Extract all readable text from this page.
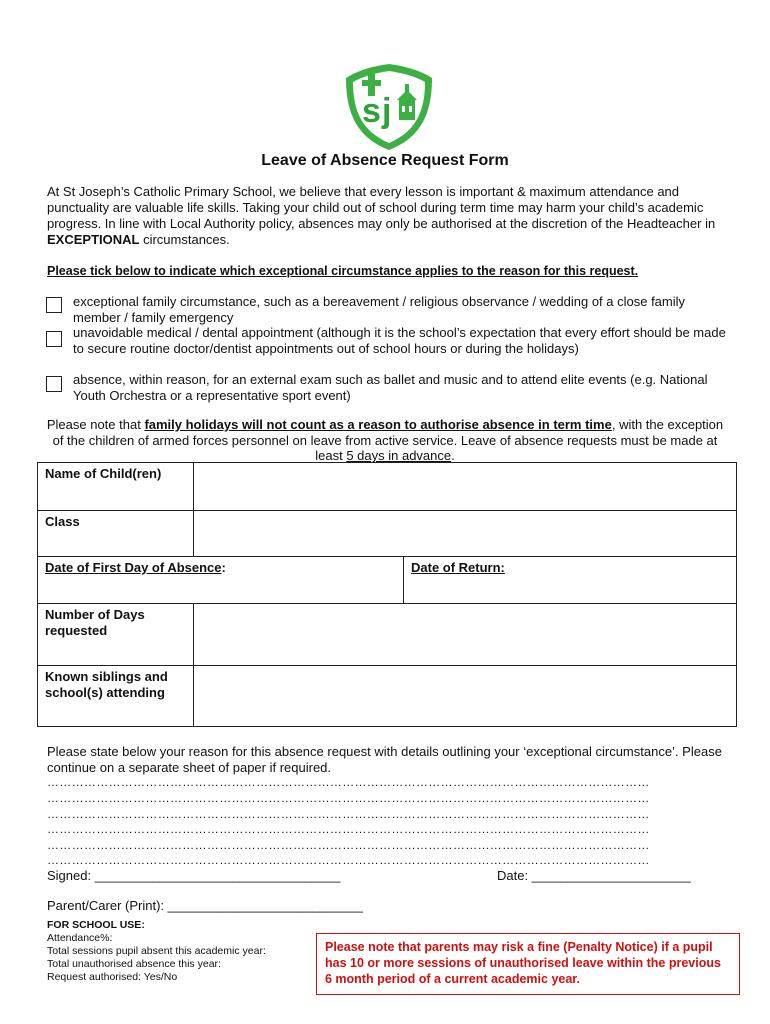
s j
Leave of Absence Request Form
At St Joseph’s Catholic Primary School, we believe that every lesson is important & maximum attendance and punctuality are valuable life skills. Taking your child out of school during term time may harm your child’s academic progress. In line with Local Authority policy, absences may only be authorised at the discretion of the Headteacher in EXCEPTIONAL circumstances.
Please tick below to indicate which exceptional circumstance applies to the reason for this request.
exceptional family circumstance, such as a bereavement / religious observance / wedding of a close family member / family emergency
unavoidable medical / dental appointment (although it is the school’s expectation that every effort should be made to secure routine doctor/dentist appointments out of school hours or during the holidays)
absence, within reason, for an external exam such as ballet and music and to attend elite events (e.g. National Youth Orchestra or a representative sport event)
Please note that family holidays will not count as a reason to authorise absence in term time, with the exception of the children of armed forces personnel on leave from active service. Leave of absence requests must be made at least 5 days in advance.
Name of Child(ren)		
Class		
Date of First Day of Absence:		Date of Return:
Number of Days requested		
Known siblings and school(s) attending		
Please state below your reason for this absence request with details outlining your ‘exceptional circumstance’. Please continue on a separate sheet of paper if required.
…………………………………………………………………………………………………………………………………
…………………………………………………………………………………………………………………………………
…………………………………………………………………………………………………………………………………
…………………………………………………………………………………………………………………………………
…………………………………………………………………………………………………………………………………
…………………………………………………………………………………………………………………………………
Signed: __________________________________	Date: ______________________
Parent/Carer (Print): ___________________________
FOR SCHOOL USE:
Attendance%:
Total sessions pupil absent this academic year:
Total unauthorised absence this year:
Request authorised: Yes/No
Please note that parents may risk a fine (Penalty Notice) if a pupil has 10 or more sessions of unauthorised leave within the previous 6 month period of a current academic year.
